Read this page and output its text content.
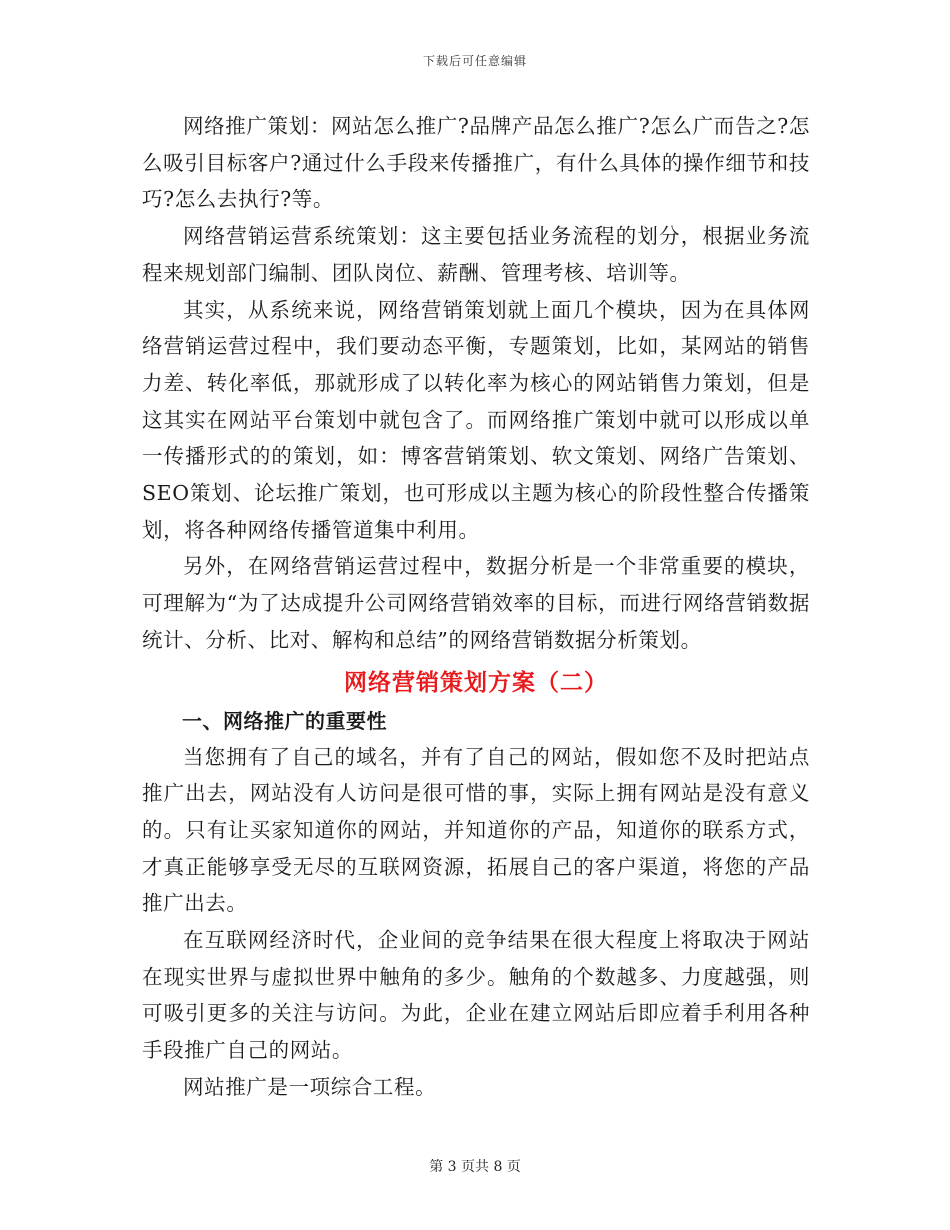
下载后可任意编辑

网络推广策划：网站怎么推广?品牌产品怎么推广?怎么广而告之?怎么吸引目标客户?通过什么手段来传播推广，有什么具体的操作细节和技巧?怎么去执行?等。

网络营销运营系统策划：这主要包括业务流程的划分，根据业务流程来规划部门编制、团队岗位、薪酬、管理考核、培训等。

其实，从系统来说，网络营销策划就上面几个模块，因为在具体网络营销运营过程中，我们要动态平衡，专题策划，比如，某网站的销售力差、转化率低，那就形成了以转化率为核心的网站销售力策划，但是这其实在网站平台策划中就包含了。而网络推广策划中就可以形成以单一传播形式的的策划，如：博客营销策划、软文策划、网络广告策划、SEO策划、论坛推广策划，也可形成以主题为核心的阶段性整合传播策划，将各种网络传播管道集中利用。

另外，在网络营销运营过程中，数据分析是一个非常重要的模块，可理解为“为了达成提升公司网络营销效率的目标，而进行网络营销数据统计、分析、比对、解构和总结”的网络营销数据分析策划。

网络营销策划方案（二）
一、网络推广的重要性

当您拥有了自己的域名，并有了自己的网站，假如您不及时把站点推广出去，网站没有人访问是很可惜的事，实际上拥有网站是没有意义的。只有让买家知道你的网站，并知道你的产品，知道你的联系方式，才真正能够享受无尽的互联网资源，拓展自己的客户渠道，将您的产品推广出去。

在互联网经济时代，企业间的竞争结果在很大程度上将取决于网站在现实世界与虚拟世界中触角的多少。触角的个数越多、力度越强，则可吸引更多的关注与访问。为此，企业在建立网站后即应着手利用各种手段推广自己的网站。

网站推广是一项综合工程。

第 3 页共 8 页
